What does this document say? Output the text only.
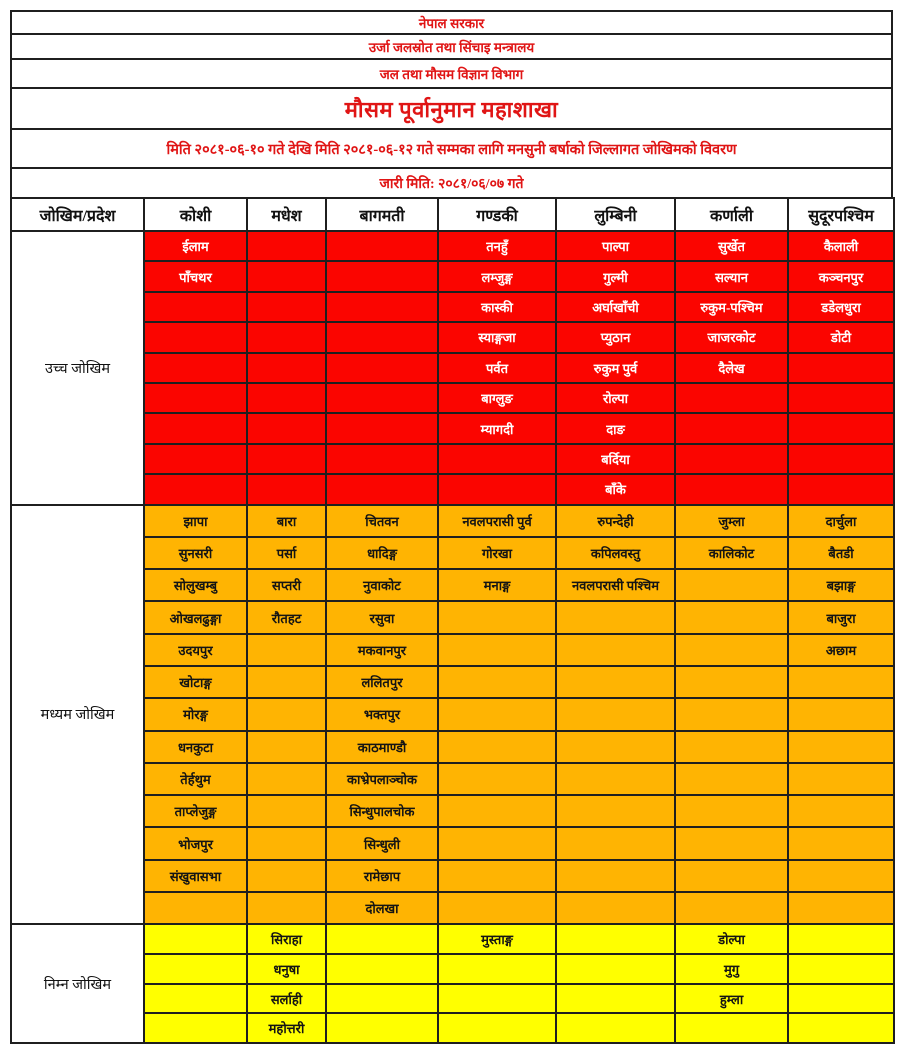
नेपाल सरकार
उर्जा जलस्रोत तथा सिंचाइ मन्त्रालय
जल तथा मौसम विज्ञान विभाग
मौसम पूर्वानुमान महाशाखा
मिति २०८१-०६-१० गते देखि मिति २०८१-०६-१२ गते सम्मका लागि मनसुनी बर्षाको जिल्लागत जोखिमको विवरण
जारी मिति: २०८१/०६/०७ गते
जोखिम/प्रदेश	कोशी	मधेश	बागमती	गण्डकी	लुम्बिनी	कर्णाली	सुदूरपश्चिम
उच्च जोखिम	ईलाम			तनहुँ	पाल्पा	सुर्खेत	कैलाली
	पाँचथर			लम्जुङ्ग	गुल्मी	सल्यान	कञ्चनपुर
				कास्की	अर्घाखाँची	रुकुम-पश्चिम	डडेलधुरा
				स्याङ्गजा	प्युठान	जाजरकोट	डोटी
				पर्वत	रुकुम पुर्व	दैलेख	
				बाग्लुङ	रोल्पा		
				म्यागदी	दाङ		
					बर्दिया		
					बाँके		
मध्यम जोखिम	झापा	बारा	चितवन	नवलपरासी पुर्व	रुपन्देही	जुम्ला	दार्चुला
	सुनसरी	पर्सा	धादिङ्ग	गोरखा	कपिलवस्तु	कालिकोट	बैतडी
	सोलुखम्बु	सप्तरी	नुवाकोट	मनाङ्ग	नवलपरासी पश्चिम		बझाङ्ग
	ओखलढुङ्गा	रौतहट	रसुवा				बाजुरा
	उदयपुर		मकवानपुर				अछाम
	खोटाङ्ग		ललितपुर				
	मोरङ्ग		भक्तपुर				
	धनकुटा		काठमाण्डौ				
	तेर्हथुम		काभ्रेपलाञ्चोक				
	ताप्लेजुङ्ग		सिन्धुपालचोक				
	भोजपुर		सिन्धुली				
	संखुवासभा		रामेछाप				
			दोलखा				
निम्न जोखिम		सिराहा		मुस्ताङ्ग		डोल्पा	
		धनुषा				मुगु	
		सर्लाही				हुम्ला	
		महोत्तरी					
